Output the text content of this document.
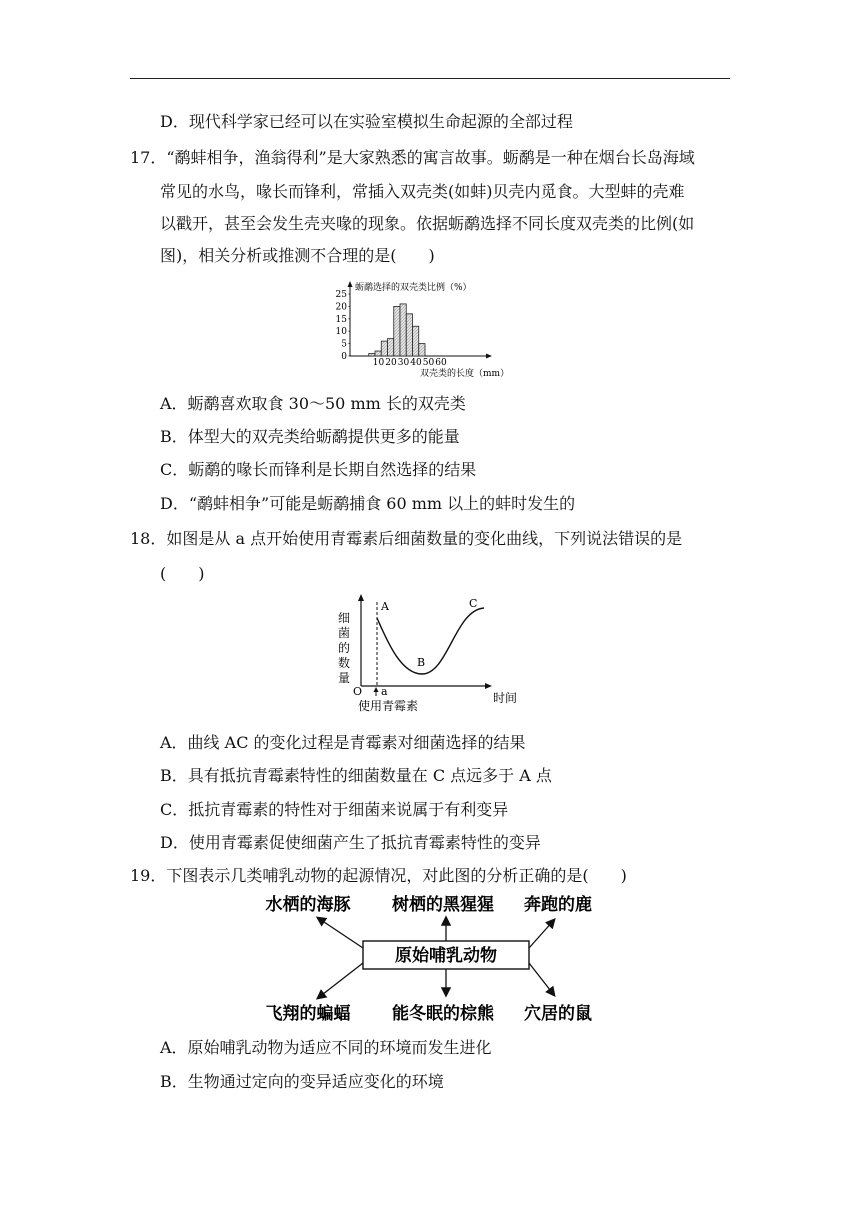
D．现代科学家已经可以在实验室模拟生命起源的全部过程
17．“鹬蚌相争，渔翁得利”是大家熟悉的寓言故事。蛎鹬是一种在烟台长岛海域
常见的水鸟，喙长而锋利，常插入双壳类(如蚌)贝壳内觅食。大型蚌的壳难
以戳开，甚至会发生壳夹喙的现象。依据蛎鹬选择不同长度双壳类的比例(如
图)，相关分析或推测不合理的是(　　)
0
5
10
15
20
25
10 20 30 40 50 60
蛎鹬选择的双壳类比例（%）
双壳类的长度（mm）
A．蛎鹬喜欢取食 30～50 mm 长的双壳类
B．体型大的双壳类给蛎鹬提供更多的能量
C．蛎鹬的喙长而锋利是长期自然选择的结果
D．“鹬蚌相争”可能是蛎鹬捕食 60 mm 以上的蚌时发生的
18．如图是从 a 点开始使用青霉素后细菌数量的变化曲线，下列说法错误的是
(　　)
细
菌
的
数
量
A
B
C
O a	时间
使用青霉素
A．曲线 AC 的变化过程是青霉素对细菌选择的结果
B．具有抵抗青霉素特性的细菌数量在 C 点远多于 A 点
C．抵抗青霉素的特性对于细菌来说属于有利变异
D．使用青霉素促使细菌产生了抵抗青霉素特性的变异
19．下图表示几类哺乳动物的起源情况，对此图的分析正确的是(　　)
水栖的海豚 树栖的黑猩猩 奔跑的鹿
原始哺乳动物
飞翔的蝙蝠 能冬眠的棕熊 穴居的鼠
A．原始哺乳动物为适应不同的环境而发生进化
B．生物通过定向的变异适应变化的环境
